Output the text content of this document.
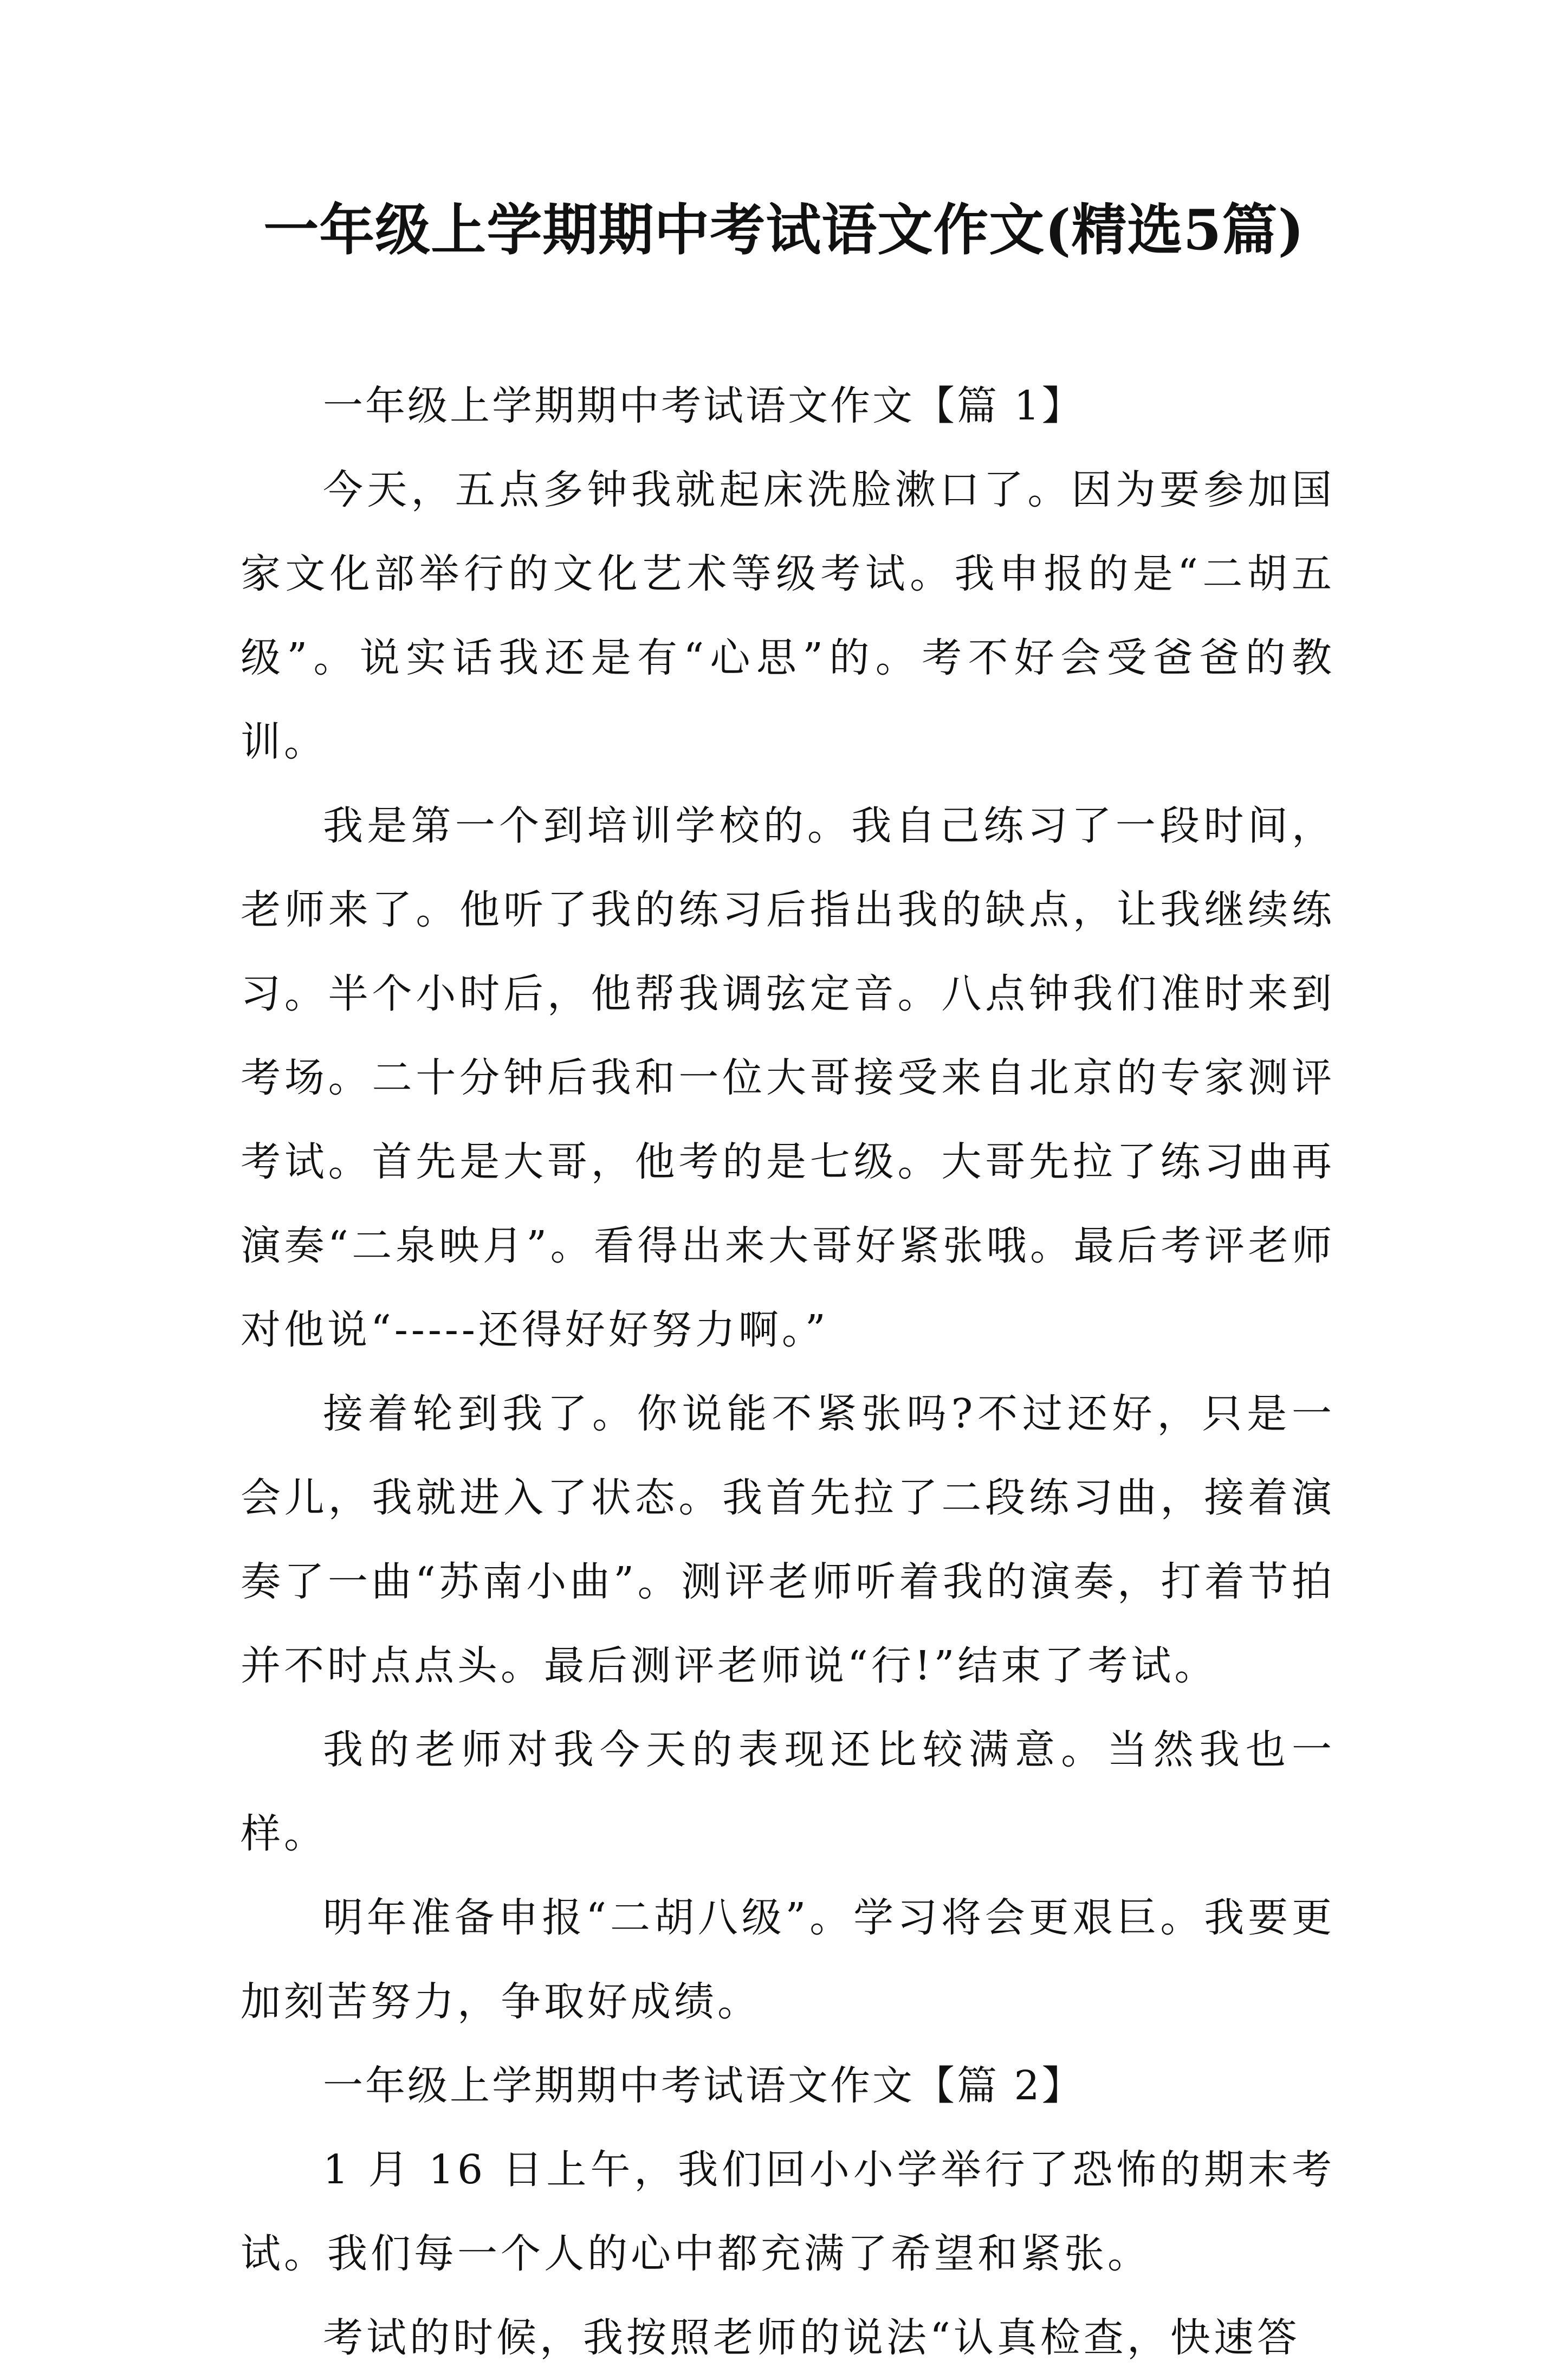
一年级上学期期中考试语文作文(精选5篇)

一年级上学期期中考试语文作文【篇 1】

今天，五点多钟我就起床洗脸漱口了。因为要参加国家文化部举行的文化艺术等级考试。我申报的是“二胡五级”。说实话我还是有“心思”的。考不好会受爸爸的教训。

我是第一个到培训学校的。我自己练习了一段时间，老师来了。他听了我的练习后指出我的缺点，让我继续练习。半个小时后，他帮我调弦定音。八点钟我们准时来到考场。二十分钟后我和一位大哥接受来自北京的专家测评考试。首先是大哥，他考的是七级。大哥先拉了练习曲再演奏“二泉映月”。看得出来大哥好紧张哦。最后考评老师对他说“-----还得好好努力啊。”

接着轮到我了。你说能不紧张吗?不过还好，只是一会儿，我就进入了状态。我首先拉了二段练习曲，接着演奏了一曲“苏南小曲”。测评老师听着我的演奏，打着节拍并不时点点头。最后测评老师说“行!”结束了考试。

我的老师对我今天的表现还比较满意。当然我也一样。

明年准备申报“二胡八级”。学习将会更艰巨。我要更加刻苦努力，争取好成绩。

一年级上学期期中考试语文作文【篇 2】

1 月 16 日上午，我们回小小学举行了恐怖的期末考试。我们每一个人的心中都充满了希望和紧张。

考试的时候，我按照老师的说法“认真检查，快速答
